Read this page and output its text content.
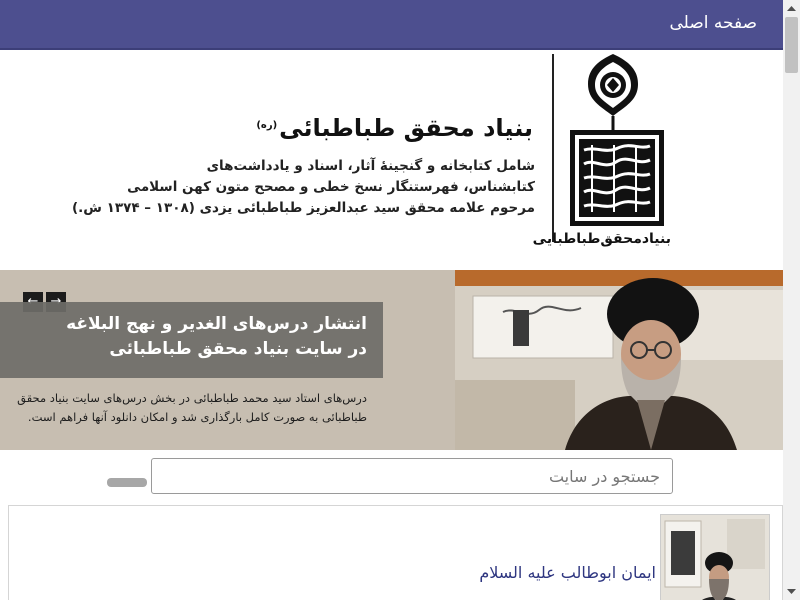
صفحه اصلی
بنیادمحقق‌طباطبایی
بنیاد محقق طباطبائی$^{(ره)}$
شامل کتابخانه و گنجینهٔ آثار، اسناد و یادداشت‌های
کتابشناس، فهرستنگار نسخ خطی و مصحح متون کهن اسلامی
مرحوم علامه محقق سید عبدالعزیز طباطبائی یزدی (۱۳۰۸ – ۱۳۷۴ ش.)
انتشار درس‌های الغدیر و نهج البلاغه
در سایت بنیاد محقق طباطبائی
درس‌های استاد سید محمد طباطبائی در بخش درس‌های سایت بنیاد محقق
طباطبائی به صورت کامل بارگذاری شد و امکان دانلود آنها فراهم است.
جستجو در سایت
ایمان ابوطالب علیه السلام
